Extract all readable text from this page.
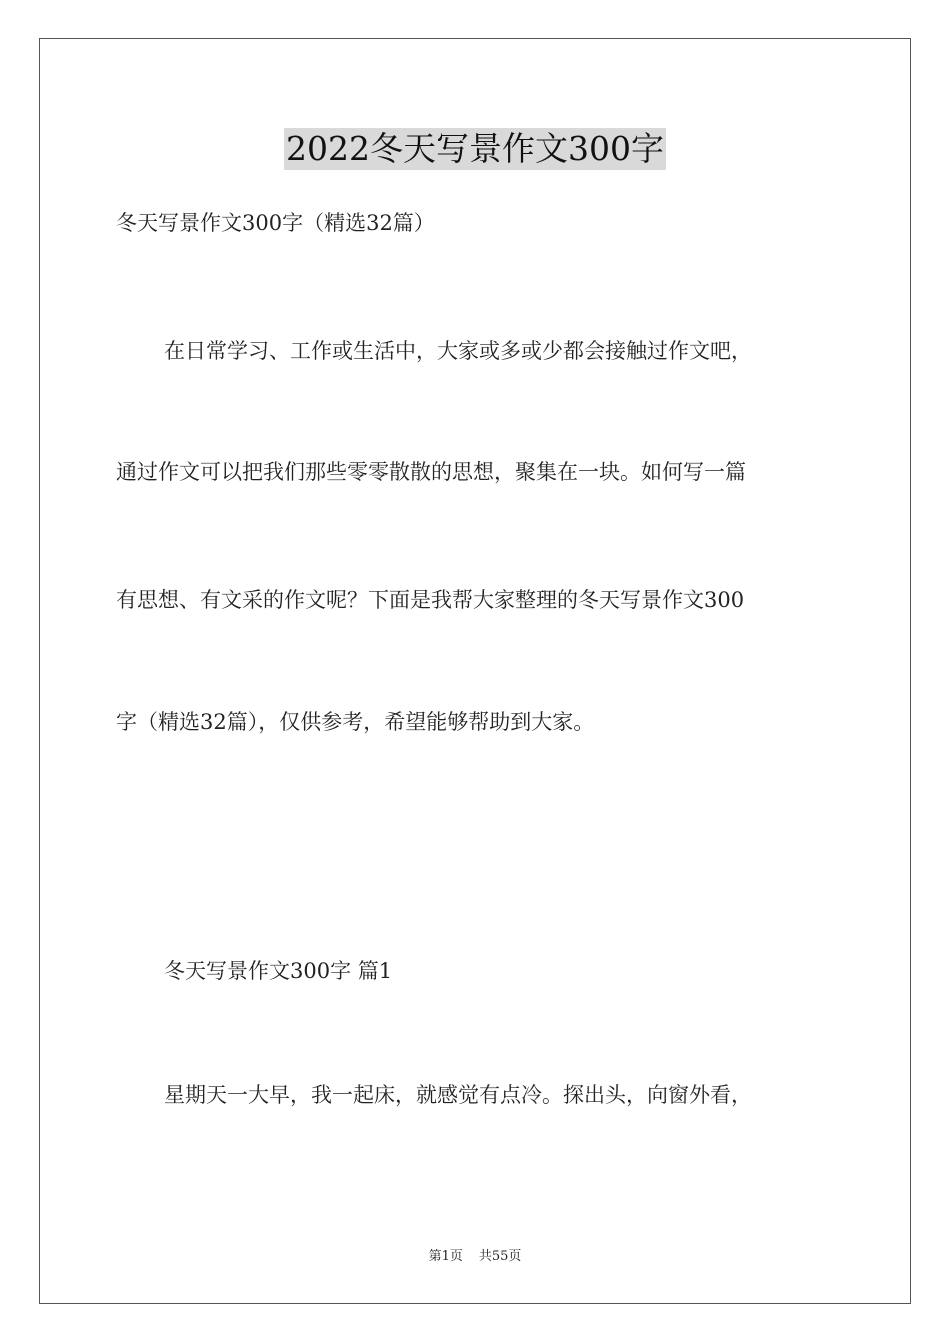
2022冬天写景作文300字
冬天写景作文300字（精选32篇）
在日常学习、工作或生活中，大家或多或少都会接触过作文吧，
通过作文可以把我们那些零零散散的思想，聚集在一块。如何写一篇
有思想、有文采的作文呢？下面是我帮大家整理的冬天写景作文300
字（精选32篇），仅供参考，希望能够帮助到大家。
冬天写景作文300字 篇1
星期天一大早，我一起床，就感觉有点冷。探出头，向窗外看，
第1页 共55页
